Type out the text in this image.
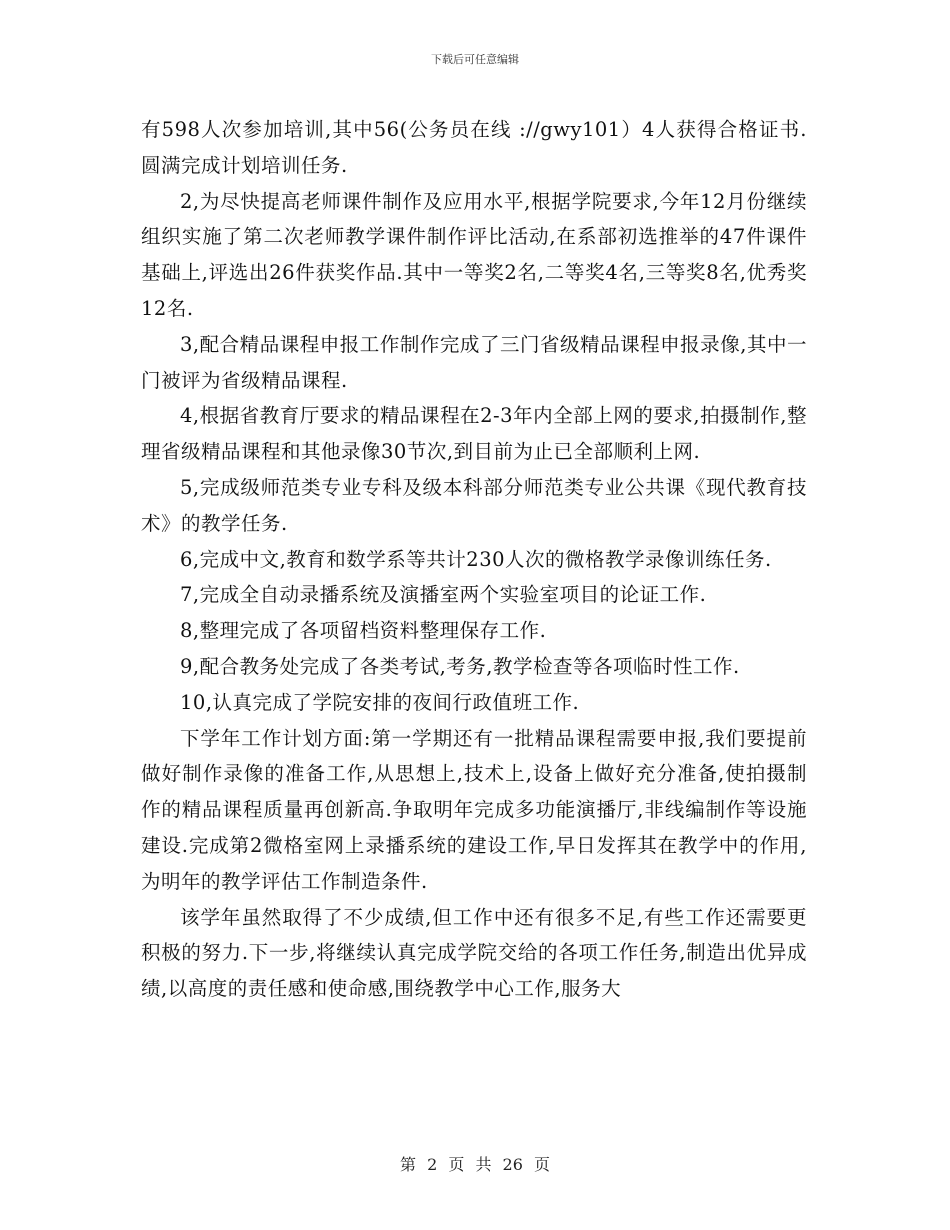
下载后可任意编辑

有598人次参加培训,其中56(公务员在线 ://gwy101）4人获得合格证书.圆满完成计划培训任务.

2,为尽快提高老师课件制作及应用水平,根据学院要求,今年12月份继续组织实施了第二次老师教学课件制作评比活动,在系部初选推举的47件课件基础上,评选出26件获奖作品.其中一等奖2名,二等奖4名,三等奖8名,优秀奖12名.

3,配合精品课程申报工作制作完成了三门省级精品课程申报录像,其中一门被评为省级精品课程.

4,根据省教育厅要求的精品课程在2-3年内全部上网的要求,拍摄制作,整理省级精品课程和其他录像30节次,到目前为止已全部顺利上网.

5,完成级师范类专业专科及级本科部分师范类专业公共课《现代教育技术》的教学任务.

6,完成中文,教育和数学系等共计230人次的微格教学录像训练任务.

7,完成全自动录播系统及演播室两个实验室项目的论证工作.

8,整理完成了各项留档资料整理保存工作.

9,配合教务处完成了各类考试,考务,教学检查等各项临时性工作.

10,认真完成了学院安排的夜间行政值班工作.

下学年工作计划方面:第一学期还有一批精品课程需要申报,我们要提前做好制作录像的准备工作,从思想上,技术上,设备上做好充分准备,使拍摄制作的精品课程质量再创新高.争取明年完成多功能演播厅,非线编制作等设施建设.完成第2微格室网上录播系统的建设工作,早日发挥其在教学中的作用,为明年的教学评估工作制造条件.

该学年虽然取得了不少成绩,但工作中还有很多不足,有些工作还需要更积极的努力.下一步,将继续认真完成学院交给的各项工作任务,制造出优异成绩,以高度的责任感和使命感,围绕教学中心工作,服务大

第 2 页 共 26 页
